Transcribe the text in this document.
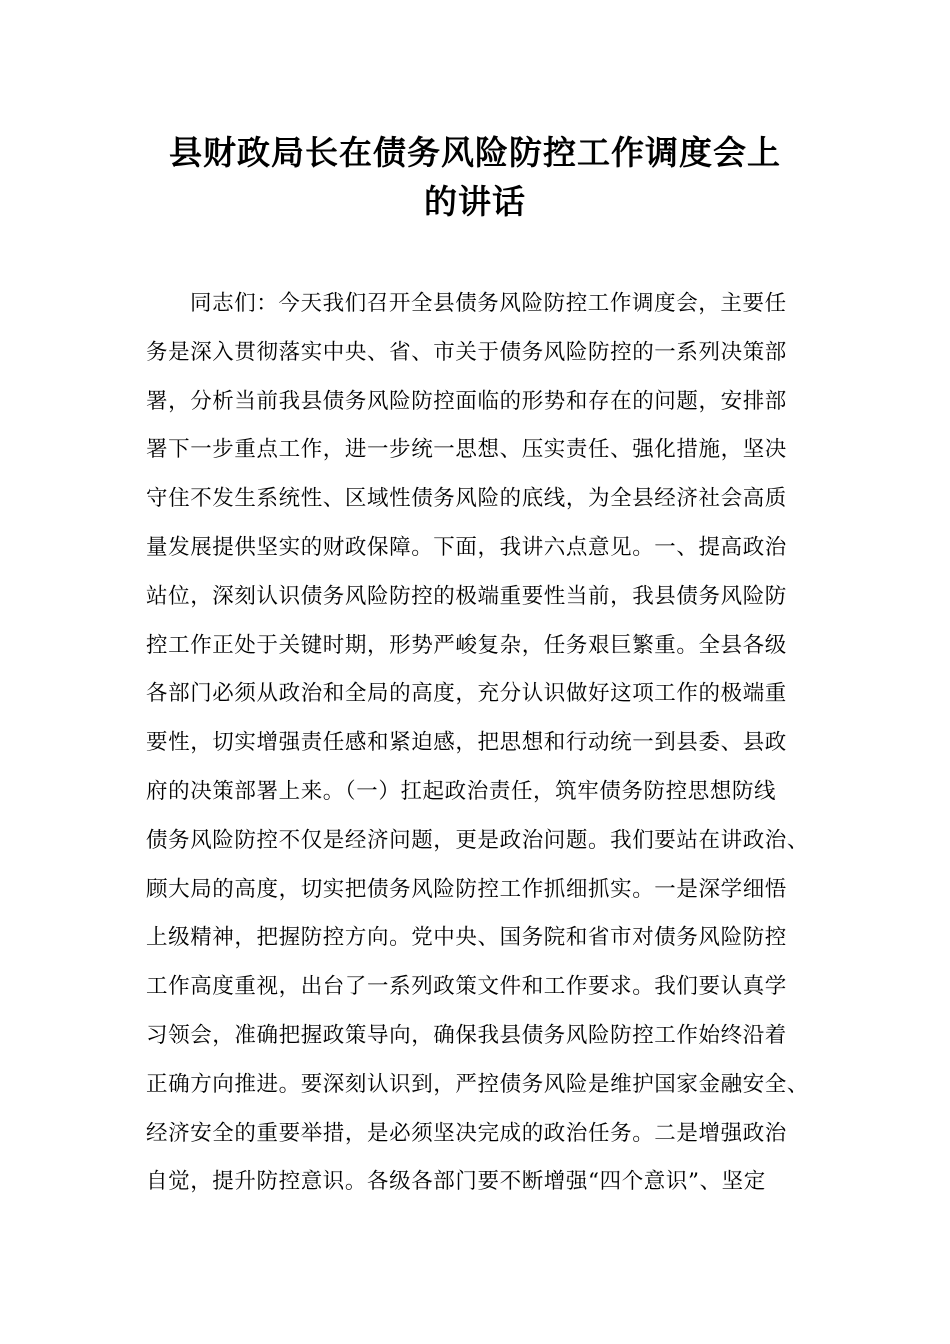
县财政局长在债务风险防控工作调度会上
的讲话
同志们：今天我们召开全县债务风险防控工作调度会，主要任
务是深入贯彻落实中央、省、市关于债务风险防控的一系列决策部
署，分析当前我县债务风险防控面临的形势和存在的问题，安排部
署下一步重点工作，进一步统一思想、压实责任、强化措施，坚决
守住不发生系统性、区域性债务风险的底线，为全县经济社会高质
量发展提供坚实的财政保障。下面，我讲六点意见。一、提高政治
站位，深刻认识债务风险防控的极端重要性当前，我县债务风险防
控工作正处于关键时期，形势严峻复杂，任务艰巨繁重。全县各级
各部门必须从政治和全局的高度，充分认识做好这项工作的极端重
要性，切实增强责任感和紧迫感，把思想和行动统一到县委、县政
府的决策部署上来。（一）扛起政治责任，筑牢债务防控思想防线
债务风险防控不仅是经济问题，更是政治问题。我们要站在讲政治、
顾大局的高度，切实把债务风险防控工作抓细抓实。一是深学细悟
上级精神，把握防控方向。党中央、国务院和省市对债务风险防控
工作高度重视，出台了一系列政策文件和工作要求。我们要认真学
习领会，准确把握政策导向，确保我县债务风险防控工作始终沿着
正确方向推进。要深刻认识到，严控债务风险是维护国家金融安全、
经济安全的重要举措，是必须坚决完成的政治任务。二是增强政治
自觉，提升防控意识。各级各部门要不断增强“四个意识”、坚定
